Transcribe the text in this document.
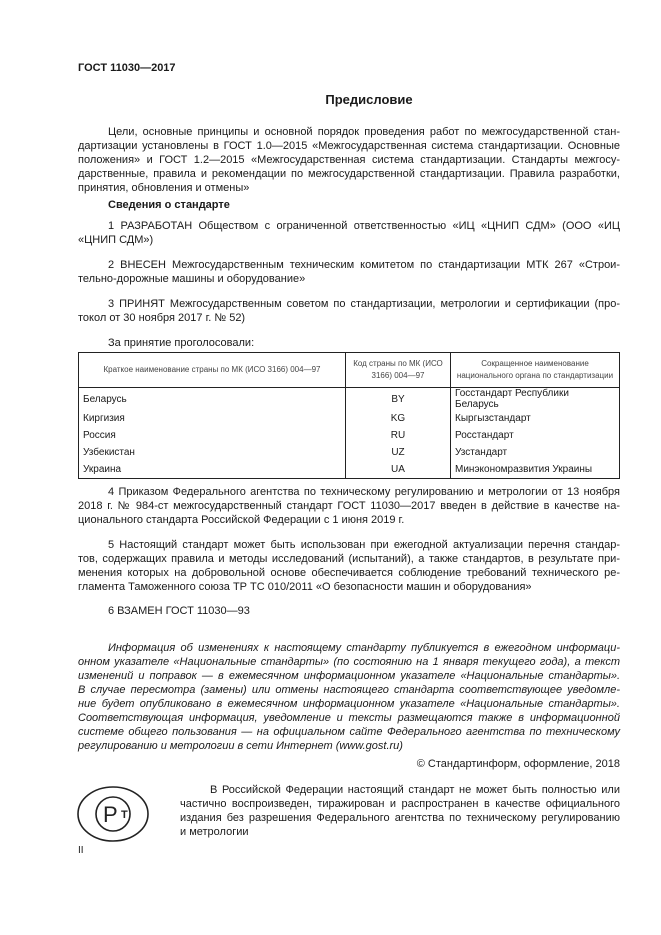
ГОСТ 11030—2017
Предисловие
Цели, основные принципы и основной порядок проведения работ по межгосударственной стан-
дартизации установлены в ГОСТ 1.0—2015 «Межгосударственная система стандартизации. Основные
положения» и ГОСТ 1.2—2015 «Межгосударственная система стандартизации. Стандарты межгосу-
дарственные, правила и рекомендации по межгосударственной стандартизации. Правила разработки,
принятия, обновления и отмены»
Сведения о стандарте
1 РАЗРАБОТАН Обществом с ограниченной ответственностью «ИЦ «ЦНИП СДМ» (ООО «ИЦ
«ЦНИП СДМ»)
2 ВНЕСЕН Межгосударственным техническим комитетом по стандартизации МТК 267 «Строи-
тельно-дорожные машины и оборудование»
3 ПРИНЯТ Межгосударственным советом по стандартизации, метрологии и сертификации (про-
токол от 30 ноября 2017 г. № 52)
За принятие проголосовали:
Краткое наименование страны по МК (ИСО 3166) 004—97	Код страны по МК (ИСО 3166) 004—97	Сокращенное наименование национального органа по стандартизации
Беларусь	BY	Госстандарт Республики Беларусь
Киргизия	KG	Кыргызстандарт
Россия	RU	Росстандарт
Узбекистан	UZ	Узстандарт
Украина	UA	Минэкономразвития Украины
4 Приказом Федерального агентства по техническому регулированию и метрологии от 13 ноября
2018 г. № 984-ст межгосударственный стандарт ГОСТ 11030—2017 введен в действие в качестве на-
ционального стандарта Российской Федерации с 1 июня 2019 г.
5 Настоящий стандарт может быть использован при ежегодной актуализации перечня стандар-
тов, содержащих правила и методы исследований (испытаний), а также стандартов, в результате при-
менения которых на добровольной основе обеспечивается соблюдение требований технического ре-
гламента Таможенного союза ТР ТС 010/2011 «О безопасности машин и оборудования»
6 ВЗАМЕН ГОСТ 11030—93
Информация об изменениях к настоящему стандарту публикуется в ежегодном информаци-
онном указателе «Национальные стандарты» (по состоянию на 1 января текущего года), а текст
изменений и поправок — в ежемесячном информационном указателе «Национальные стандарты».
В случае пересмотра (замены) или отмены настоящего стандарта соответствующее уведомле-
ние будет опубликовано в ежемесячном информационном указателе «Национальные стандарты».
Соответствующая информация, уведомление и тексты размещаются также в информационной
системе общего пользования — на официальном сайте Федерального агентства по техническому
регулированию и метрологии в сети Интернет (www.gost.ru)
© Стандартинформ, оформление, 2018
P T
В Российской Федерации настоящий стандарт не может быть полностью или
частично воспроизведен, тиражирован и распространен в качестве официального
издания без разрешения Федерального агентства по техническому регулированию
и метрологии
II
